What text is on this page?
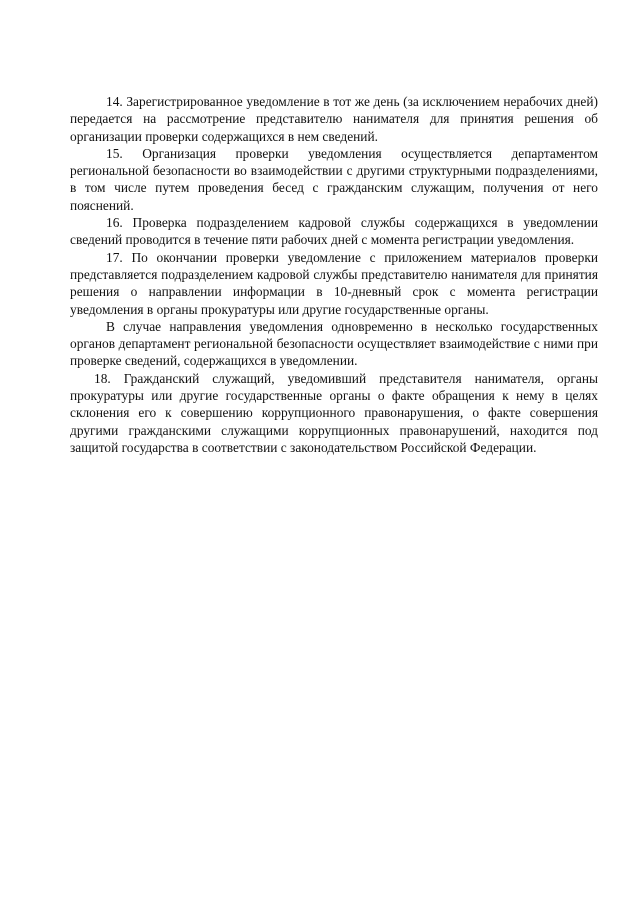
14. Зарегистрированное уведомление в тот же день (за исключением нерабочих дней) передается на рассмотрение представителю нанимателя для принятия решения об организации проверки содержащихся в нем сведений.

15. Организация проверки уведомления осуществляется департаментом региональной безопасности во взаимодействии с другими структурными подразделениями, в том числе путем проведения бесед с гражданским служащим, получения от него пояснений.

16. Проверка подразделением кадровой службы содержащихся в уведомлении сведений проводится в течение пяти рабочих дней с момента регистрации уведомления.

17. По окончании проверки уведомление с приложением материалов проверки представляется подразделением кадровой службы представителю нанимателя для принятия решения о направлении информации в 10-дневный срок с момента регистрации уведомления в органы прокуратуры или другие государственные органы.

В случае направления уведомления одновременно в несколько государственных органов департамент региональной безопасности осуществляет взаимодействие с ними при проверке сведений, содержащихся в уведомлении.

18. Гражданский служащий, уведомивший представителя нанимателя, органы прокуратуры или другие государственные органы о факте обращения к нему в целях склонения его к совершению коррупционного правонарушения, о факте совершения другими гражданскими служащими коррупционных правонарушений, находится под защитой государства в соответствии с законодательством Российской Федерации.
